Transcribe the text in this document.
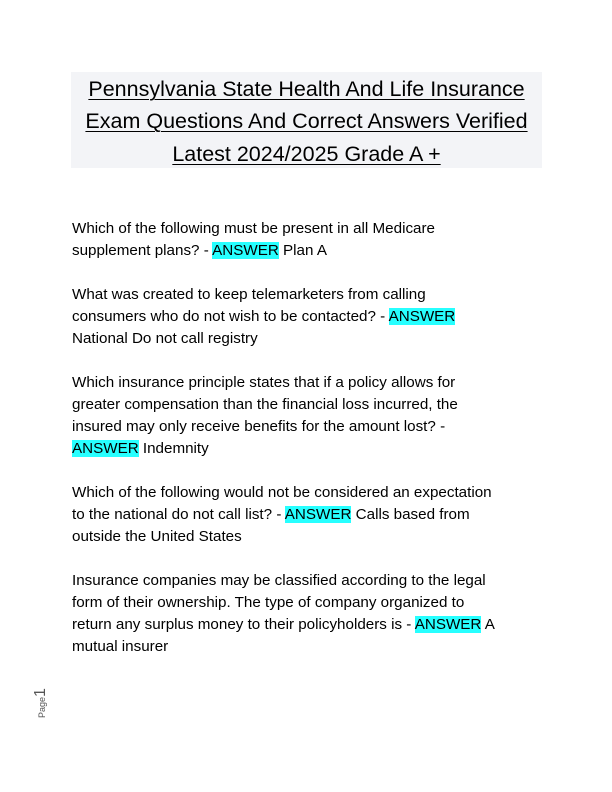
Pennsylvania State Health And Life Insurance
Exam Questions And Correct Answers Verified
Latest 2024/2025 Grade A +
Which of the following must be present in all Medicare
supplement plans? - ANSWER Plan A
What was created to keep telemarketers from calling
consumers who do not wish to be contacted? - ANSWER
National Do not call registry
Which insurance principle states that if a policy allows for
greater compensation than the financial loss incurred, the
insured may only receive benefits for the amount lost? -
ANSWER Indemnity
Which of the following would not be considered an expectation
to the national do not call list? - ANSWER Calls based from
outside the United States
Insurance companies may be classified according to the legal
form of their ownership. The type of company organized to
return any surplus money to their policyholders is - ANSWER A
mutual insurer
Page1
